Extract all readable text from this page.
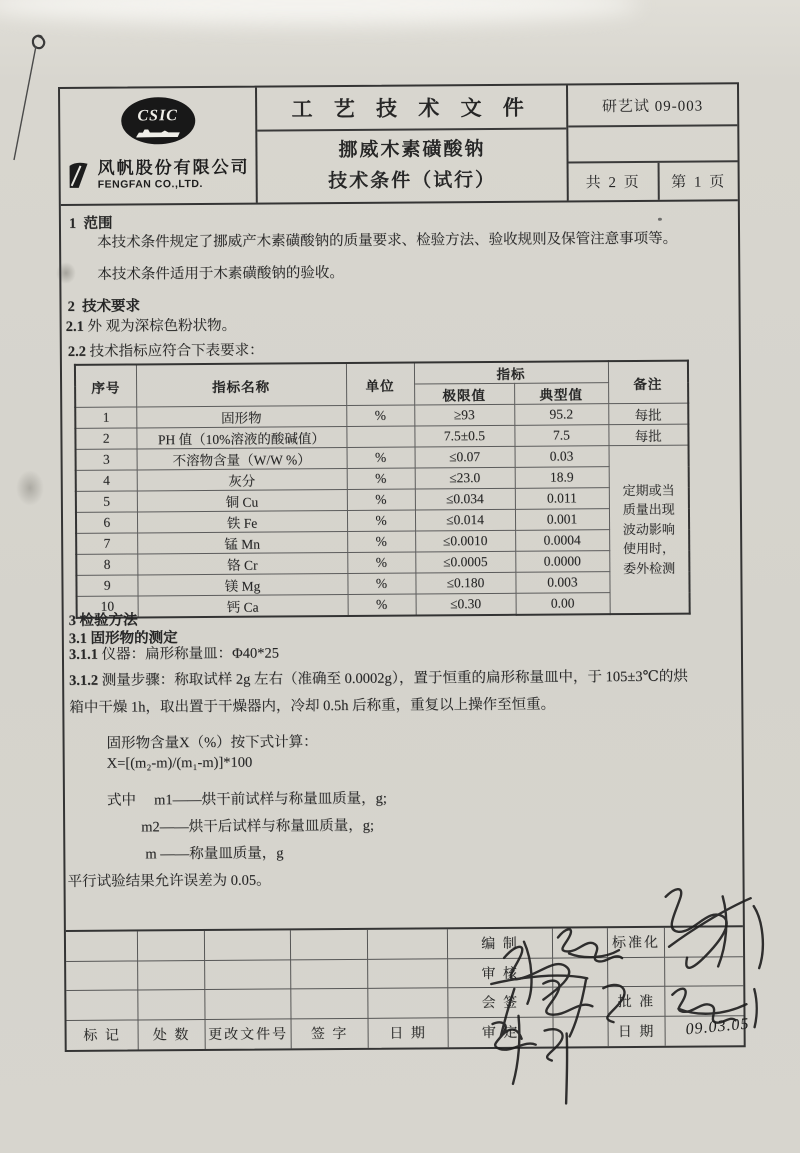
CSIC
风帆股份有限公司
FENGFAN CO.,LTD.
工 艺 技 术 文 件
挪威木素磺酸钠
技术条件（试行）
研艺试 09-003
共 2 页	第 1 页
1 范围
本技术条件规定了挪威产木素磺酸钠的质量要求、检验方法、验收规则及保管注意事项等。
本技术条件适用于木素磺酸钠的验收。
2 技术要求
2.1 外 观为深棕色粉状物。
2.2 技术指标应符合下表要求：
序号	指标名称	单位	指标		备注
			极限值	典型值	
1	固形物	%	≥93	95.2	每批
2	PH 值（10%溶液的酸碱值）		7.5±0.5	7.5	每批
3	不溶物含量（W/W %）	%	≤0.07	0.03	定期或当质量出现波动影响使用时，委外检测
4	灰分	%	≤23.0	18.9	
5	铜 Cu	%	≤0.034	0.011	
6	铁 Fe	%	≤0.014	0.001	
7	锰 Mn	%	≤0.0010	0.0004	
8	铬 Cr	%	≤0.0005	0.0000	
9	镁 Mg	%	≤0.180	0.003	
10	钙 Ca	%	≤0.30	0.00	
3 检验方法
3.1 固形物的测定
3.1.1 仪器：扁形称量皿：Φ40*25
3.1.2 测量步骤：称取试样 2g 左右（准确至 0.0002g），置于恒重的扁形称量皿中，于 105±3℃的烘
箱中干燥 1h，取出置于干燥器内，冷却 0.5h 后称重，重复以上操作至恒重。
固形物含量X（%）按下式计算：
X=[(m₂-m)/(m₁-m)]*100
式中 m1——烘干前试样与称量皿质量，g;
m2——烘干后试样与称量皿质量，g;
m ——称量皿质量，g
平行试验结果允许误差为 0.05。
编 制	标准化
审 核
会 签	批 准
标 记	处 数	更改文件号	签 字	日 期	审 定	日 期	09.03.05
